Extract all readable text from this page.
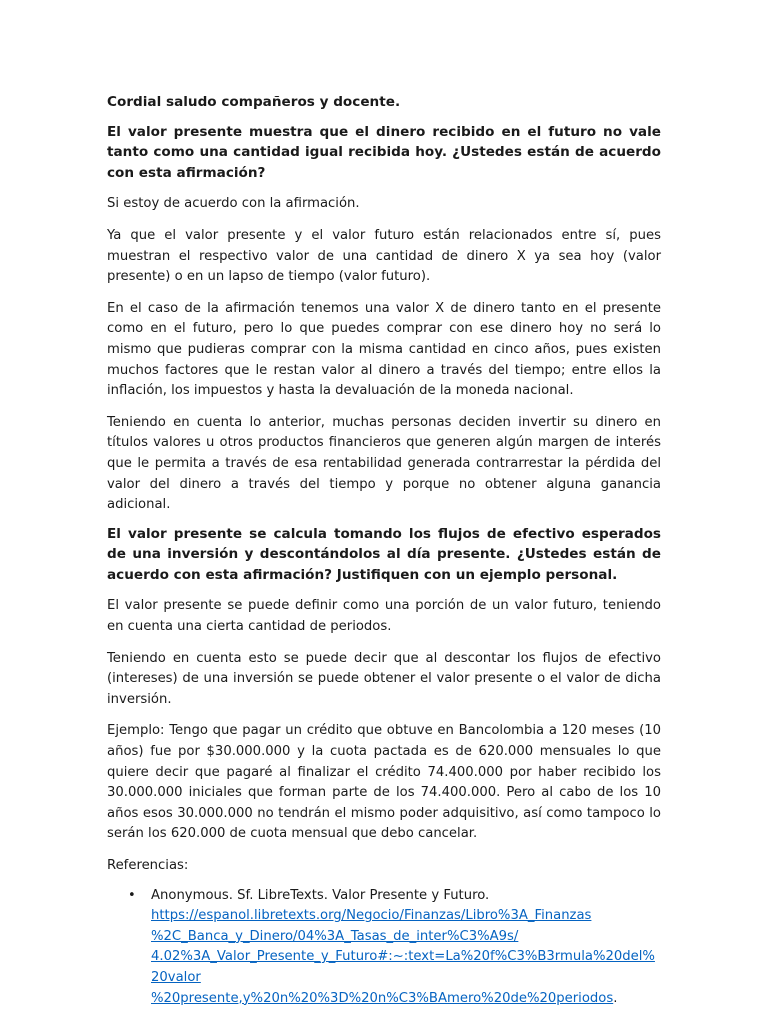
Cordial saludo compañeros y docente.

El valor presente muestra que el dinero recibido en el futuro no vale tanto como una cantidad igual recibida hoy. ¿Ustedes están de acuerdo con esta afirmación?

Si estoy de acuerdo con la afirmación.

Ya que el valor presente y el valor futuro están relacionados entre sí, pues muestran el respectivo valor de una cantidad de dinero X ya sea hoy (valor presente) o en un lapso de tiempo (valor futuro).

En el caso de la afirmación tenemos una valor X de dinero tanto en el presente como en el futuro, pero lo que puedes comprar con ese dinero hoy no será lo mismo que pudieras comprar con la misma cantidad en cinco años, pues existen muchos factores que le restan valor al dinero a través del tiempo; entre ellos la inflación, los impuestos y hasta la devaluación de la moneda nacional.

Teniendo en cuenta lo anterior, muchas personas deciden invertir su dinero en títulos valores u otros productos financieros que generen algún margen de interés que le permita a través de esa rentabilidad generada contrarrestar la pérdida del valor del dinero a través del tiempo y porque no obtener alguna ganancia adicional.

El valor presente se calcula tomando los flujos de efectivo esperados de una inversión y descontándolos al día presente. ¿Ustedes están de acuerdo con esta afirmación? Justifiquen con un ejemplo personal.

El valor presente se puede definir como una porción de un valor futuro, teniendo en cuenta una cierta cantidad de periodos.

Teniendo en cuenta esto se puede decir que al descontar los flujos de efectivo (intereses) de una inversión se puede obtener el valor presente o el valor de dicha inversión.

Ejemplo: Tengo que pagar un crédito que obtuve en Bancolombia a 120 meses (10 años) fue por $30.000.000 y la cuota pactada es de 620.000 mensuales lo que quiere decir que pagaré al finalizar el crédito 74.400.000 por haber recibido los 30.000.000 iniciales que forman parte de los 74.400.000. Pero al cabo de los 10 años esos 30.000.000 no tendrán el mismo poder adquisitivo, así como tampoco lo serán los 620.000 de cuota mensual que debo cancelar.

Referencias:

• Anonymous. Sf. LibreTexts. Valor Presente y Futuro.
https://espanol.libretexts.org/Negocio/Finanzas/Libro%3A_Finanzas
%2C_Banca_y_Dinero/04%3A_Tasas_de_inter%C3%A9s/
4.02%3A_Valor_Presente_y_Futuro#:~:text=La%20f%C3%B3rmula%20del%20valor
%20presente,y%20n%20%3D%20n%C3%BAmero%20de%20periodos.
